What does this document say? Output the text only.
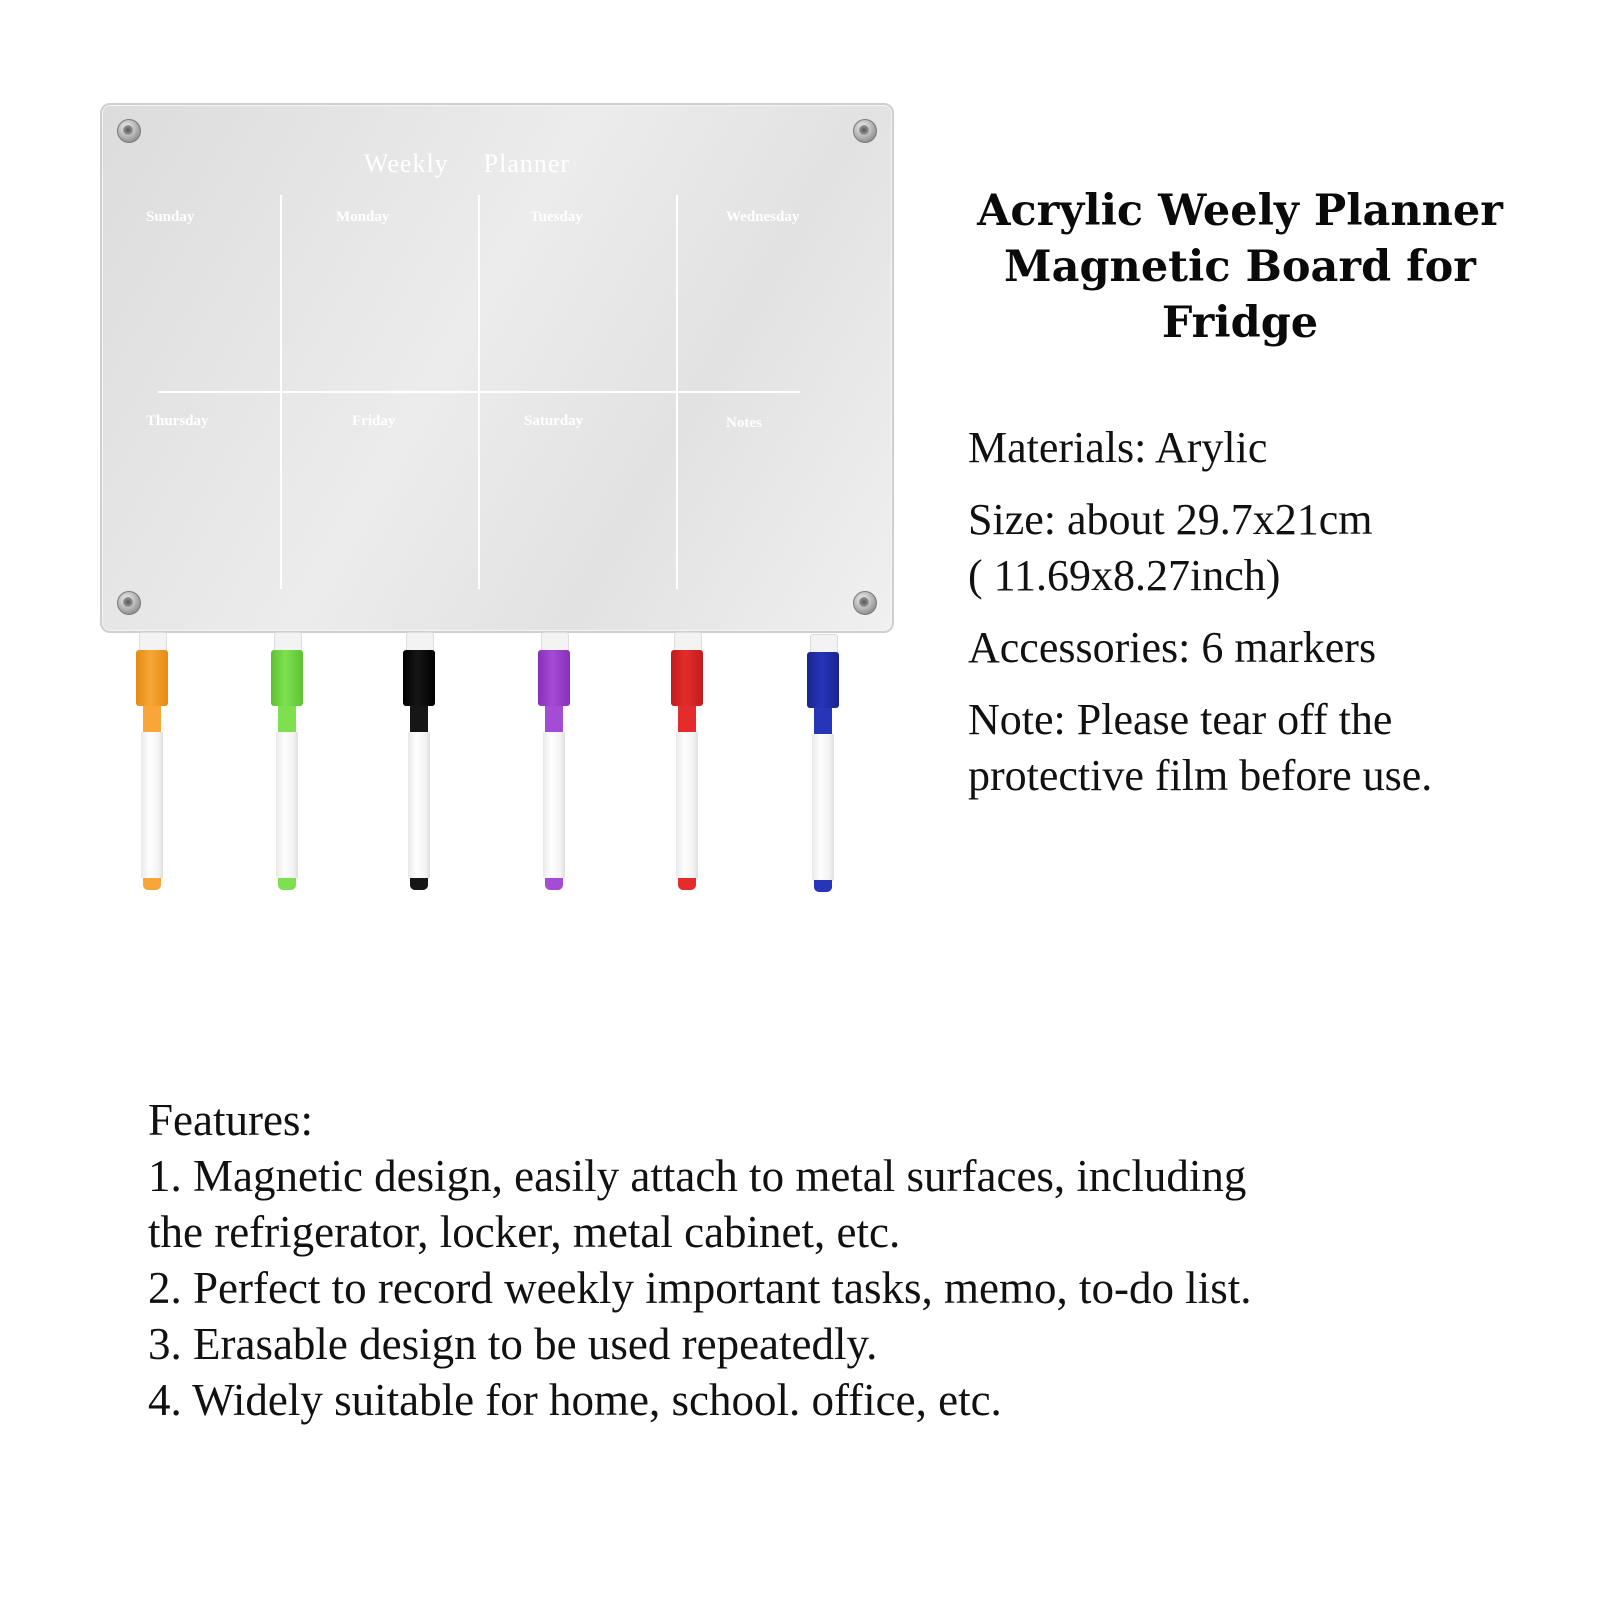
Weekly  Planner
Sunday	Monday	Tuesday	Wednesday
Thursday	Friday	Saturday	Notes
Acrylic Weely Planner
Magnetic Board for Fridge
Materials: Arylic
Size: about 29.7x21cm
( 11.69x8.27inch)
Accessories: 6 markers
Note: Please tear off the
protective film before use.
Features:
1. Magnetic design, easily attach to metal surfaces, including
the refrigerator, locker, metal cabinet, etc.
2. Perfect to record weekly important tasks, memo, to-do list.
3. Erasable design to be used repeatedly.
4. Widely suitable for home, school. office, etc.
